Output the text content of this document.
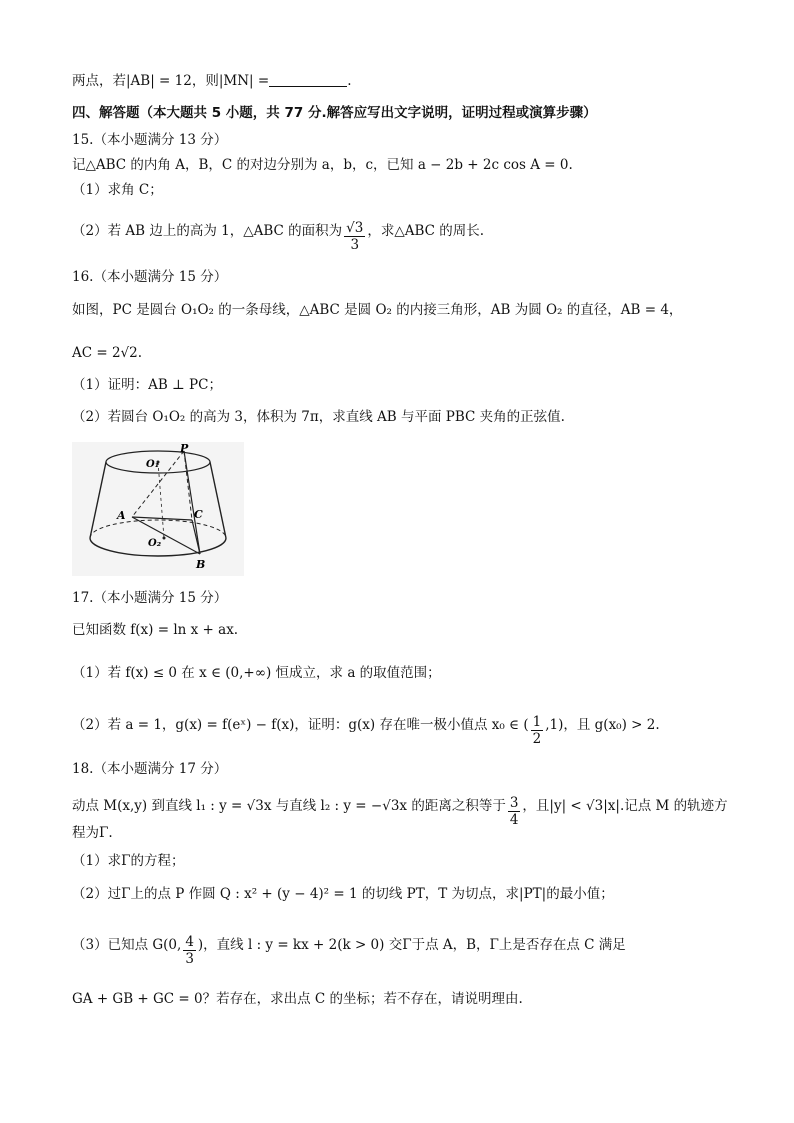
两点，若|AB| = 12，则|MN| =	.
四、解答题（本大题共 5 小题，共 77 分.解答应写出文字说明，证明过程或演算步骤）
15.（本小题满分 13 分）
记△ABC 的内角 A，B，C 的对边分别为 a，b，c，已知 a − 2b + 2c cos A = 0.
（1）求角 C；
（2）若 AB 边上的高为 1，△ABC 的面积为 $\frac{√3}{3}$ ，求△ABC 的周长.
16.（本小题满分 15 分）
如图，PC 是圆台 O₁O₂ 的一条母线，△ABC 是圆 O₂ 的内接三角形，AB 为圆 O₂ 的直径，AB = 4，
AC = 2√2.
（1）证明：AB ⊥ PC；
（2）若圆台 O₁O₂ 的高为 3，体积为 7π，求直线 AB 与平面 PBC 夹角的正弦值.
P
O₁
A	C
O₂
B
17.（本小题满分 15 分）
已知函数 f(x) = ln x + ax.
（1）若 f(x) ≤ 0 在 x ∈ (0,+∞) 恒成立，求 a 的取值范围；
（2）若 a = 1，g(x) = f(eˣ) − f(x)，证明：g(x) 存在唯一极小值点 x₀ ∈ ( $\frac{1}{2} ,1$)，且 g(x₀) > 2.
18.（本小题满分 17 分）
动点 M(x,y) 到直线 l₁ : y = √3x 与直线 l₂ : y = −√3x 的距离之积等于 $\frac{3}{4}$ ，且|y| < √3|x|.记点 M 的轨迹方
程为Γ.
（1）求Γ的方程；
（2）过Γ上的点 P 作圆 Q : x² + (y − 4)² = 1 的切线 PT，T 为切点，求|PT|的最小值；
（3）已知点 G(0, $\frac{4}{3}$ )，直线 l : y = kx + 2(k > 0) 交Γ于点 A，B，Γ上是否存在点 C 满足
GA + GB + GC = 0？若存在，求出点 C 的坐标；若不存在，请说明理由.
